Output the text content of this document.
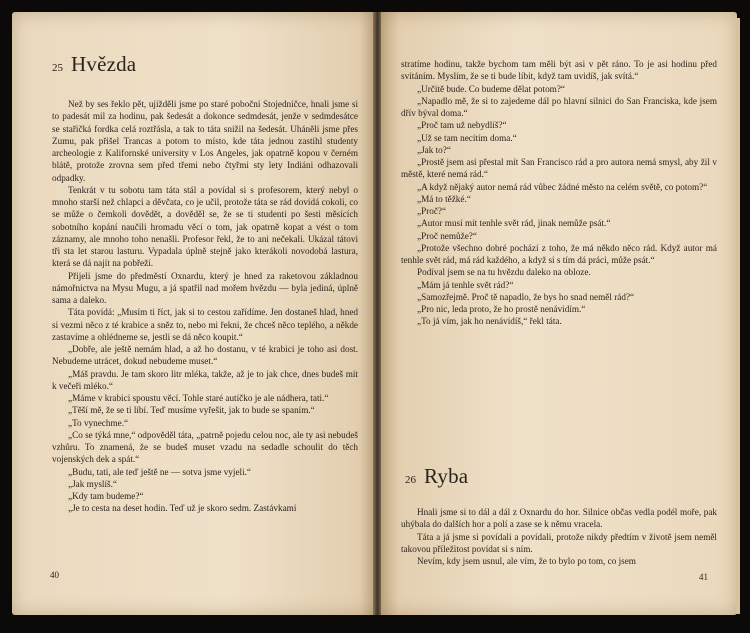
25 Hvězda

Než by ses řeklo pět, ujížděli jsme po staré poboční Stojedničce, hnali jsme si to padesát mil za hodinu, pak šedesát a dokonce sedmdesát, jenže v sedmdesátce se stařičká fordka celá roztřásla, a tak to táta snížil na šedesát. Uháněli jsme přes Zumu, pak přišel Trancas a potom to místo, kde táta jednou zastihl studenty archeologie z Kalifornské university v Los Angeles, jak opatrně kopou v černém blátě, protože zrovna sem před třemi nebo čtyřmi sty lety Indiáni odhazovali odpadky.

Tenkrát v tu sobotu tam táta stál a povídal si s profesorem, který nebyl o mnoho starší než chlapci a děvčata, co je učil, protože táta se rád dovídá cokoli, co se může o čemkoli dovědět, a dověděl se, že se ti studenti po šesti měsících sobotního kopání naučili hromadu věcí o tom, jak opatrně kopat a vést o tom záznamy, ale mnoho toho nenašli. Profesor řekl, že to ani nečekali. Ukázal tátovi tři sta let starou lasturu. Vypadala úplně stejně jako kterákoli novodobá lastura, která se dá najít na pobřeží.

Přijeli jsme do předměstí Oxnardu, který je hned za raketovou základnou námořnictva na Mysu Mugu, a já spatřil nad mořem hvězdu — byla jediná, úplně sama a daleko.

Táta povídá: „Musím ti říct, jak si to cestou zařídíme. Jen dostaneš hlad, hned si vezmi něco z té krabice a sněz to, nebo mi řekni, že chceš něco teplého, a někde zastavíme a ohlédneme se, jestli se dá něco koupit.“

„Dobře, ale ještě nemám hlad, a až ho dostanu, v té krabici je toho asi dost. Nebudeme utrácet, dokud nebudeme muset.“

„Máš pravdu. Je tam skoro litr mléka, takže, až je to jak chce, dnes budeš mít k večeři mléko.“

„Máme v krabici spoustu věcí. Tohle staré autíčko je ale nádhera, tati.“

„Těší mě, že se ti líbí. Teď musíme vyřešit, jak to bude se spaním.“

„To vynechme.“

„Co se týká mne,“ odpověděl táta, „patrně pojedu celou noc, ale ty asi nebudeš vzhůru. To znamená, že se budeš muset vzadu na sedadle schoulit do těch vojenských dek a spát.“

„Budu, tati, ale teď ještě ne — sotva jsme vyjeli.“

„Jak myslíš.“

„Kdy tam budeme?“

„Je to cesta na deset hodin. Teď už je skoro sedm. Zastávkami

40

stratíme hodinu, takže bychom tam měli být asi v pět ráno. To je asi hodinu před svítáním. Myslím, že se ti bude líbit, když tam uvidíš, jak svítá.“

„Určitě bude. Co budeme dělat potom?“

„Napadlo mě, že si to zajedeme dál po hlavní silnici do San Franciska, kde jsem dřív býval doma.“

„Proč tam už nebydlíš?“

„Už se tam necítím doma.“

„Jak to?“

„Prostě jsem asi přestal mít San Francisco rád a pro autora nemá smysl, aby žil v městě, které nemá rád.“

„A když nějaký autor nemá rád vůbec žádné město na celém světě, co potom?“

„Má to těžké.“

„Proč?“

„Autor musí mít tenhle svět rád, jinak nemůže psát.“

„Proč nemůže?“

„Protože všechno dobré pochází z toho, že má někdo něco rád. Když autor má tenhle svět rád, má rád každého, a když si s tím dá práci, může psát.“

Podíval jsem se na tu hvězdu daleko na obloze.

„Mám já tenhle svět rád?“

„Samozřejmě. Proč tě napadlo, že bys ho snad neměl rád?“

„Pro nic, leda proto, že ho prostě nenávidím.“

„To já vím, jak ho nenávidíš,“ řekl táta.

26 Ryba

Hnali jsme si to dál a dál z Oxnardu do hor. Silnice občas vedla podél moře, pak uhýbala do dalších hor a polí a zase se k němu vracela.

Táta a já jsme si povídali a povídali, protože nikdy předtím v životě jsem neměl takovou příležitost povídat si s ním.

Nevím, kdy jsem usnul, ale vím, že to bylo po tom, co jsem

41
